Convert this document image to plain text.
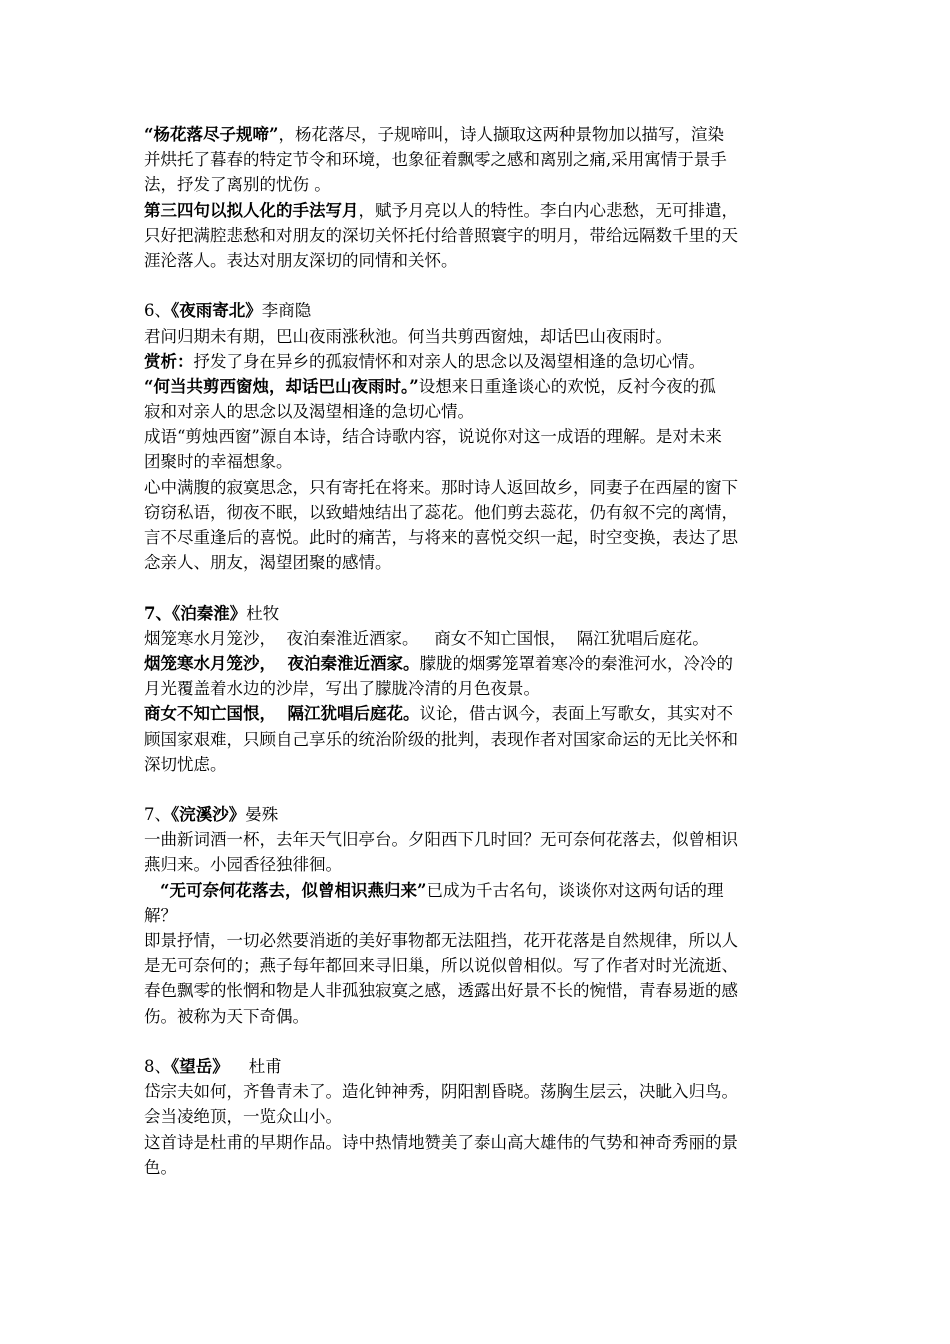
“杨花落尽子规啼”，杨花落尽，子规啼叫，诗人撷取这两种景物加以描写，渲染
并烘托了暮春的特定节令和环境，也象征着飘零之感和离别之痛,采用寓情于景手
法，抒发了离别的忧伤 。
第三四句以拟人化的手法写月，赋予月亮以人的特性。李白内心悲愁，无可排遣，
只好把满腔悲愁和对朋友的深切关怀托付给普照寰宇的明月，带给远隔数千里的天
涯沦落人。表达对朋友深切的同情和关怀。
6、《夜雨寄北》李商隐
君问归期未有期，巴山夜雨涨秋池。何当共剪西窗烛，却话巴山夜雨时。
赏析：抒发了身在异乡的孤寂情怀和对亲人的思念以及渴望相逢的急切心情。
“何当共剪西窗烛，却话巴山夜雨时。”设想来日重逢谈心的欢悦，反衬今夜的孤
寂和对亲人的思念以及渴望相逢的急切心情。
成语“剪烛西窗”源自本诗，结合诗歌内容，说说你对这一成语的理解。是对未来
团聚时的幸福想象。
心中满腹的寂寞思念，只有寄托在将来。那时诗人返回故乡，同妻子在西屋的窗下
窃窃私语，彻夜不眠，以致蜡烛结出了蕊花。他们剪去蕊花，仍有叙不完的离情，
言不尽重逢后的喜悦。此时的痛苦，与将来的喜悦交织一起，时空变换，表达了思
念亲人、朋友，渴望团聚的感情。
7、《泊秦淮》杜牧
烟笼寒水月笼沙，  夜泊秦淮近酒家。   商女不知亡国恨，  隔江犹唱后庭花。
烟笼寒水月笼沙，  夜泊秦淮近酒家。朦胧的烟雾笼罩着寒冷的秦淮河水，冷冷的
月光覆盖着水边的沙岸，写出了朦胧冷清的月色夜景。
商女不知亡国恨，  隔江犹唱后庭花。议论，借古讽今，表面上写歌女，其实对不
顾国家艰难，只顾自己享乐的统治阶级的批判，表现作者对国家命运的无比关怀和
深切忧虑。
7、《浣溪沙》晏殊
一曲新词酒一杯，去年天气旧亭台。夕阳西下几时回？无可奈何花落去，似曾相识
燕归来。小园香径独徘徊。
“无可奈何花落去，似曾相识燕归来”已成为千古名句，谈谈你对这两句话的理
解？
即景抒情，一切必然要消逝的美好事物都无法阻挡，花开花落是自然规律，所以人
是无可奈何的；燕子每年都回来寻旧巢，所以说似曾相似。写了作者对时光流逝、
春色飘零的怅惘和物是人非孤独寂寞之感，透露出好景不长的惋惜，青春易逝的感
伤。被称为天下奇偶。
8、《望岳》 杜甫
岱宗夫如何，齐鲁青未了。造化钟神秀，阴阳割昏晓。荡胸生层云，决眦入归鸟。
会当凌绝顶，一览众山小。
这首诗是杜甫的早期作品。诗中热情地赞美了泰山高大雄伟的气势和神奇秀丽的景
色。
